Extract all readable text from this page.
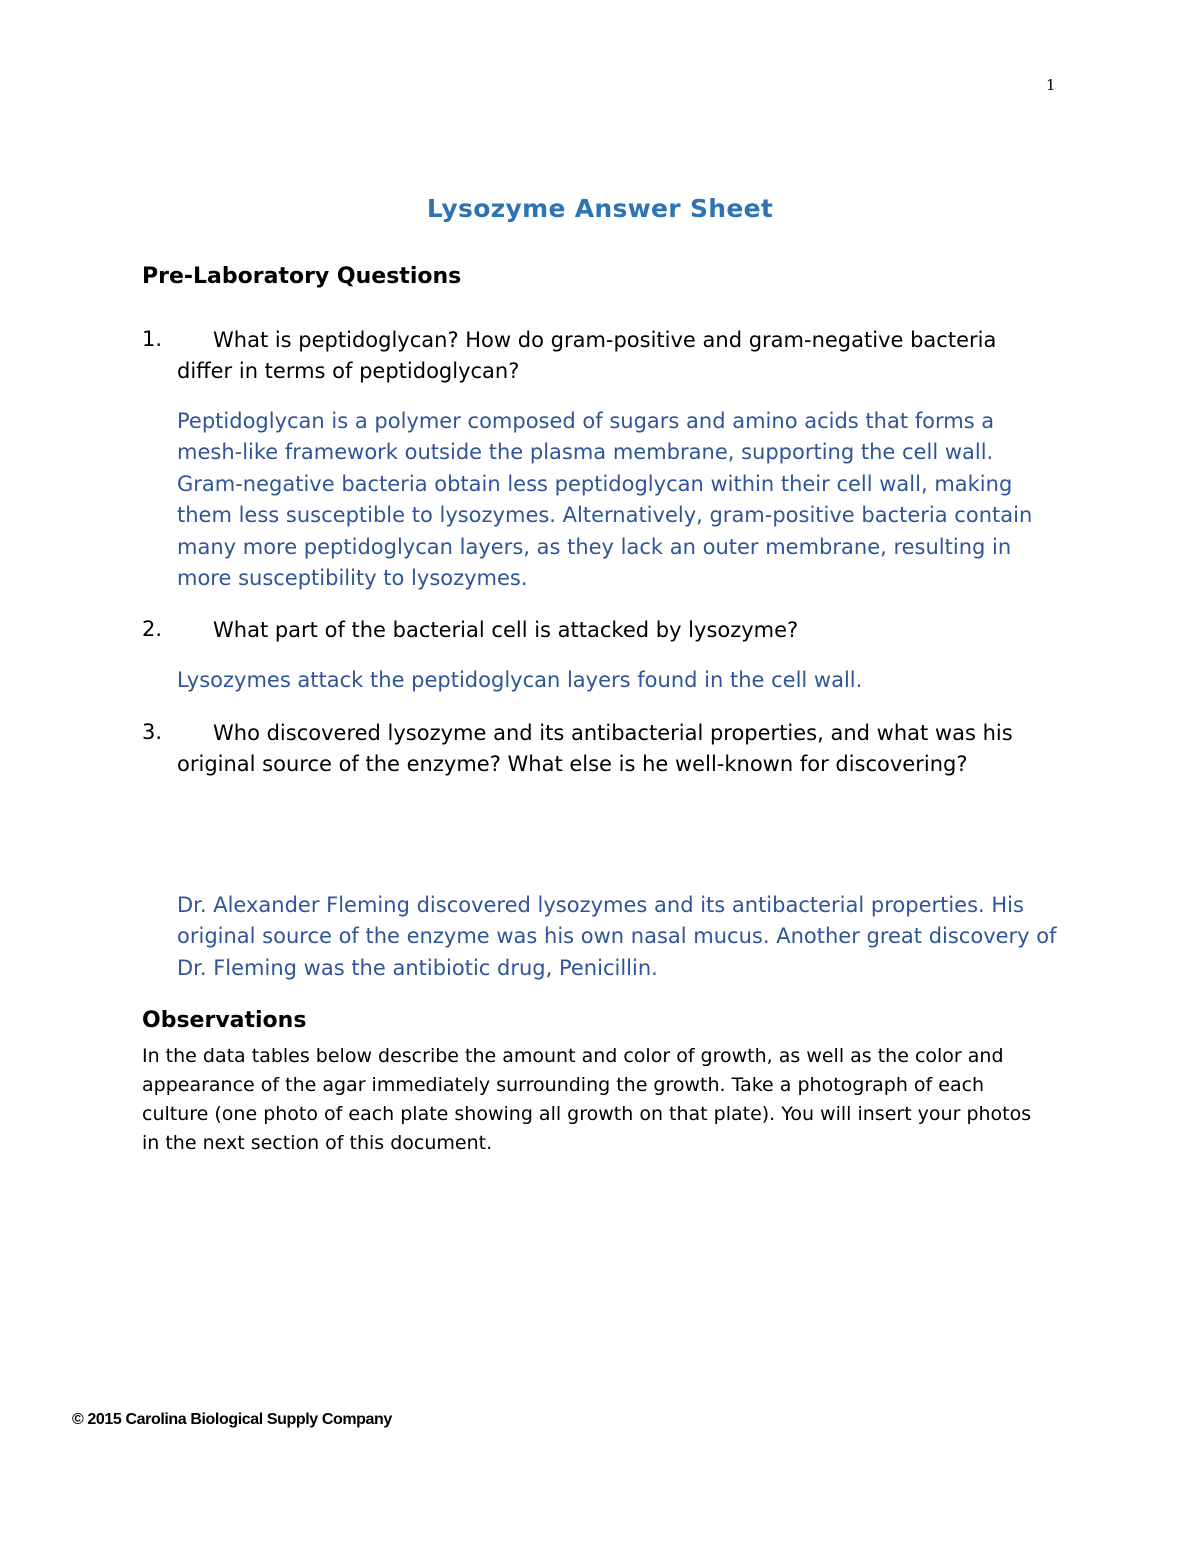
1
Lysozyme Answer Sheet
Pre-Laboratory Questions
1.	What is peptidoglycan? How do gram-positive and gram-negative bacteria differ in terms of peptidoglycan?
Peptidoglycan is a polymer composed of sugars and amino acids that forms a mesh-like framework outside the plasma membrane, supporting the cell wall. Gram-negative bacteria obtain less peptidoglycan within their cell wall, making them less susceptible to lysozymes. Alternatively, gram-positive bacteria contain many more peptidoglycan layers, as they lack an outer membrane, resulting in more susceptibility to lysozymes.
2.	What part of the bacterial cell is attacked by lysozyme?
Lysozymes attack the peptidoglycan layers found in the cell wall.
3.	Who discovered lysozyme and its antibacterial properties, and what was his original source of the enzyme? What else is he well-known for discovering?
Dr. Alexander Fleming discovered lysozymes and its antibacterial properties. His original source of the enzyme was his own nasal mucus. Another great discovery of Dr. Fleming was the antibiotic drug, Penicillin.
Observations
In the data tables below describe the amount and color of growth, as well as the color and appearance of the agar immediately surrounding the growth. Take a photograph of each culture (one photo of each plate showing all growth on that plate). You will insert your photos in the next section of this document.
© 2015 Carolina Biological Supply Company
